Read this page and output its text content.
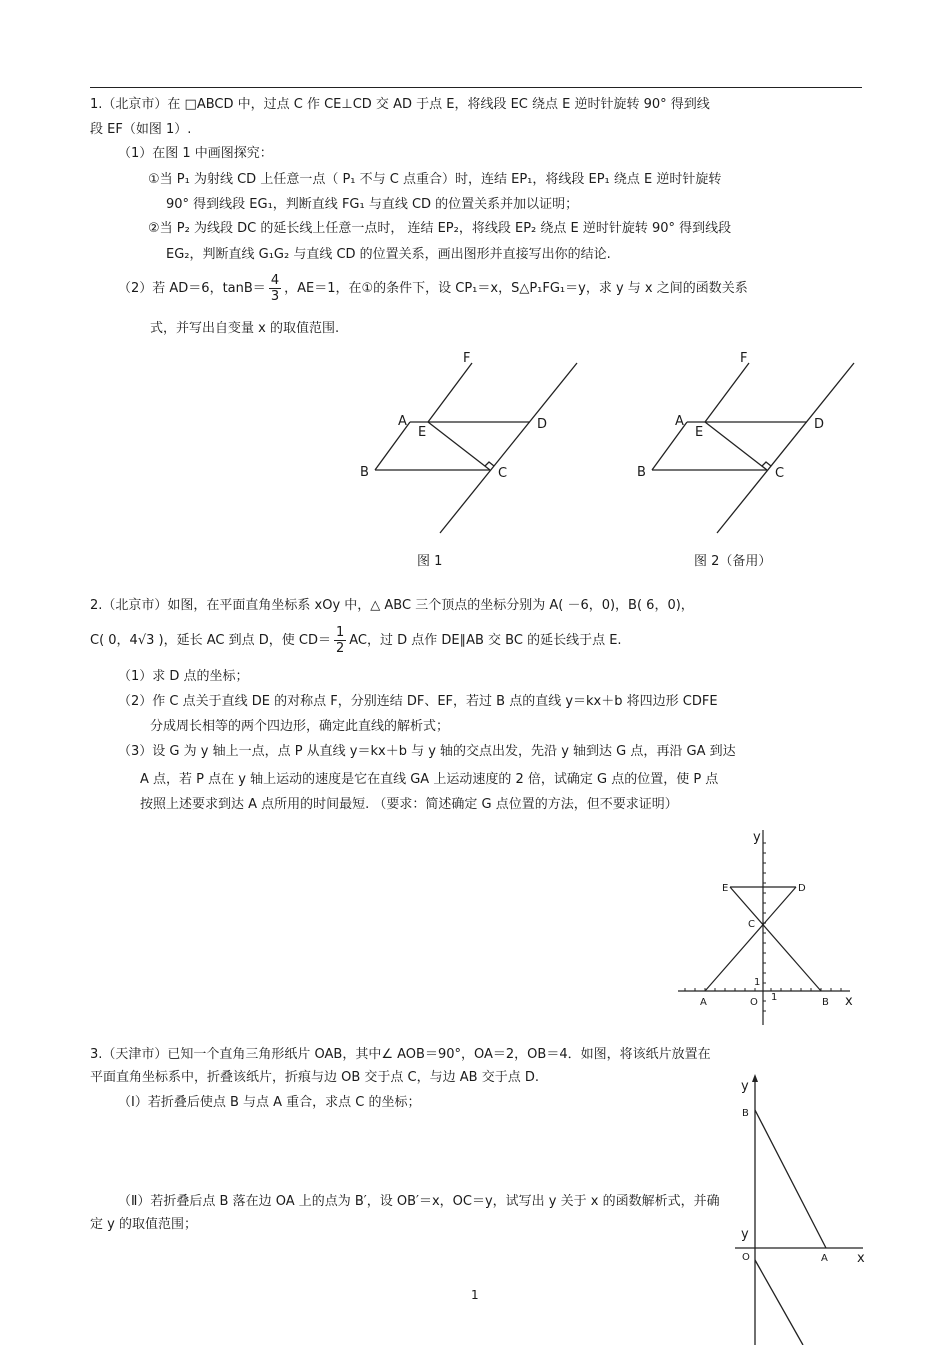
1.（北京市）在 □ABCD 中，过点 C 作 CE⊥CD 交 AD 于点 E，将线段 EC 绕点 E 逆时针旋转 90° 得到线
段 EF（如图 1）.
（1）在图 1 中画图探究：
①当 P₁ 为射线 CD 上任意一点（ P₁ 不与 C 点重合）时，连结 EP₁，将线段 EP₁ 绕点 E 逆时针旋转
90° 得到线段 EG₁，判断直线 FG₁ 与直线 CD 的位置关系并加以证明；
②当 P₂ 为线段 DC 的延长线上任意一点时， 连结 EP₂，将线段 EP₂ 绕点 E 逆时针旋转 90° 得到线段
EG₂，判断直线 G₁G₂ 与直线 CD 的位置关系，画出图形并直接写出你的结论.
（2）若 AD＝6，$\tan B= \frac{4}{3}$ ，AE＝1，在①的条件下，设 CP₁＝x，S△P₁FG₁＝y，求 y 与 x 之间的函数关系
式，并写出自变量 x 的取值范围.
F
A
E
D
B	C
图 1
F
A
E
D
B	C
图 2（备用）
2.（北京市）如图，在平面直角坐标系 xOy 中，△ ABC 三个顶点的坐标分别为 A( －6，0)，B( 6，0)，
C( 0，4√3 )，延长 AC 到点 D，使 $CD= \frac{1}{2}$ AC，过 D 点作 DE∥AB 交 BC 的延长线于点 E.
（1）求 D 点的坐标；
（2）作 C 点关于直线 DE 的对称点 F，分别连结 DF、EF，若过 B 点的直线 y＝kx＋b 将四边形 CDFE
分成周长相等的两个四边形，确定此直线的解析式；
（3）设 G 为 y 轴上一点，点 P 从直线 y＝kx＋b 与 y 轴的交点出发，先沿 y 轴到达 G 点，再沿 GA 到达
A 点，若 P 点在 y 轴上运动的速度是它在直线 GA 上运动速度的 2 倍，试确定 G 点的位置，使 P 点
按照上述要求到达 A 点所用的时间最短. （要求：简述确定 G 点位置的方法，但不要求证明）
y
x
E	D
C
A	O	B
1
1
3.（天津市）已知一个直角三角形纸片 OAB，其中∠ AOB＝90°，OA＝2，OB＝4．如图，将该纸片放置在
平面直角坐标系中，折叠该纸片，折痕与边 OB 交于点 C，与边 AB 交于点 D.
（Ⅰ）若折叠后使点 B 与点 A 重合，求点 C 的坐标；
（Ⅱ）若折叠后点 B 落在边 OA 上的点为 B′，设 OB′＝x，OC＝y，试写出 y 关于 x 的函数解析式，并确
定 y 的取值范围；
y
B
y
O	A x
1
